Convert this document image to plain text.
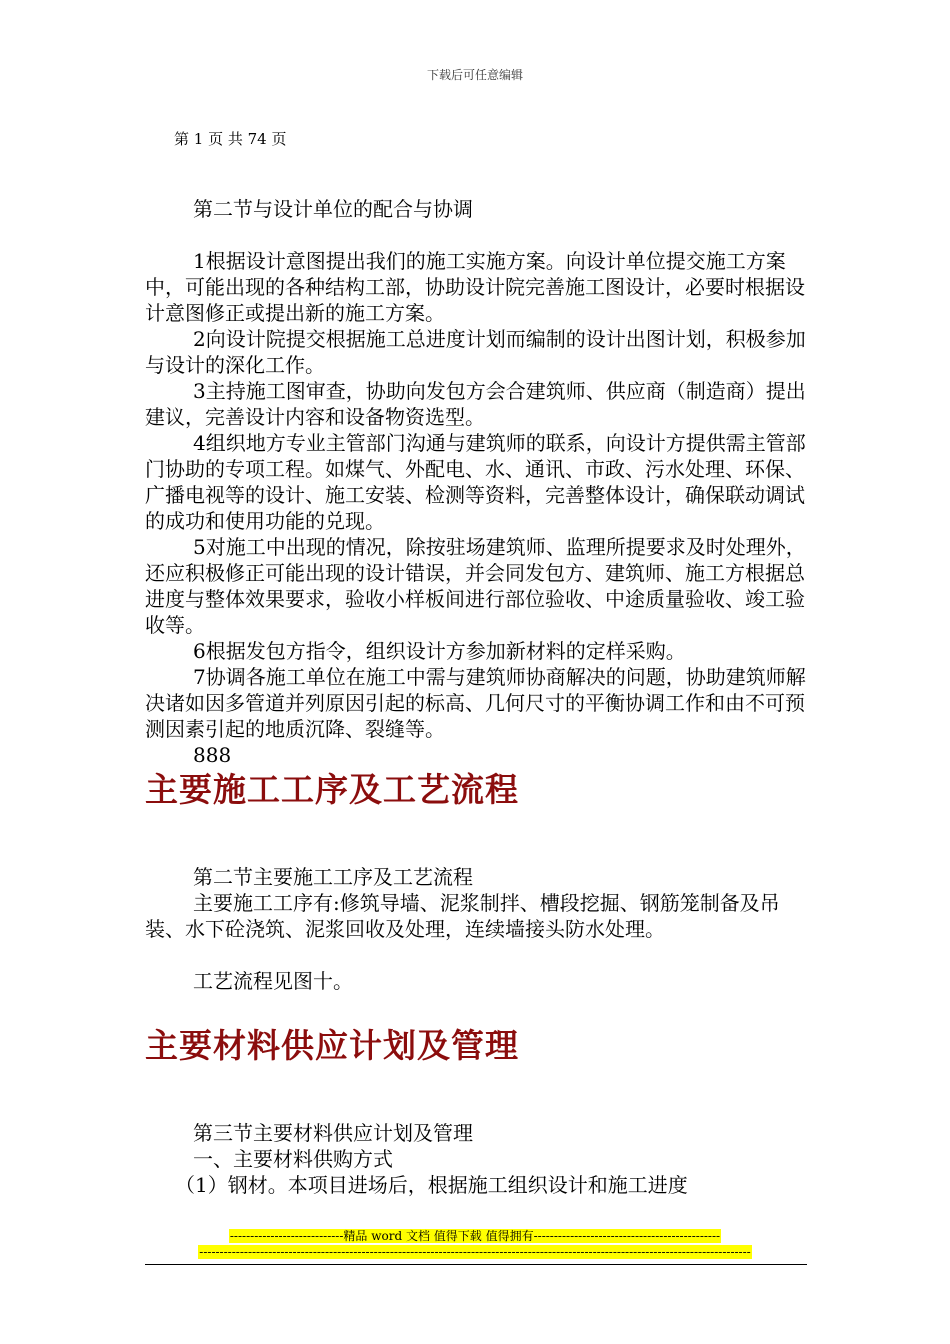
下载后可任意编辑
第 1 页 共 74 页

第二节与设计单位的配合与协调

1根据设计意图提出我们的施工实施方案。向设计单位提交施工方案中，可能出现的各种结构工部，协助设计院完善施工图设计，必要时根据设计意图修正或提出新的施工方案。

2向设计院提交根据施工总进度计划而编制的设计出图计划，积极参加与设计的深化工作。

3主持施工图审查，协助向发包方会合建筑师、供应商（制造商）提出建议，完善设计内容和设备物资选型。

4组织地方专业主管部门沟通与建筑师的联系，向设计方提供需主管部门协助的专项工程。如煤气、外配电、水、通讯、市政、污水处理、环保、广播电视等的设计、施工安装、检测等资料，完善整体设计，确保联动调试的成功和使用功能的兑现。

5对施工中出现的情况，除按驻场建筑师、监理所提要求及时处理外，还应积极修正可能出现的设计错误，并会同发包方、建筑师、施工方根据总进度与整体效果要求，验收小样板间进行部位验收、中途质量验收、竣工验收等。

6根据发包方指令，组织设计方参加新材料的定样采购。

7协调各施工单位在施工中需与建筑师协商解决的问题，协助建筑师解决诸如因多管道并列原因引起的标高、几何尺寸的平衡协调工作和由不可预测因素引起的地质沉降、裂缝等。

888

主要施工工序及工艺流程

第二节主要施工工序及工艺流程

主要施工工序有:修筑导墙、泥浆制拌、槽段挖掘、钢筋笼制备及吊装、水下砼浇筑、泥浆回收及处理，连续墙接头防水处理。

工艺流程见图十。

主要材料供应计划及管理

第三节主要材料供应计划及管理

一、主要材料供购方式

（1）钢材。本项目进场后，根据施工组织设计和施工进度

----------------------------精品 word 文档 值得下载 值得拥有----------------------------------------------
----------------------------------------------------------------------------------------------------------------------------------------
